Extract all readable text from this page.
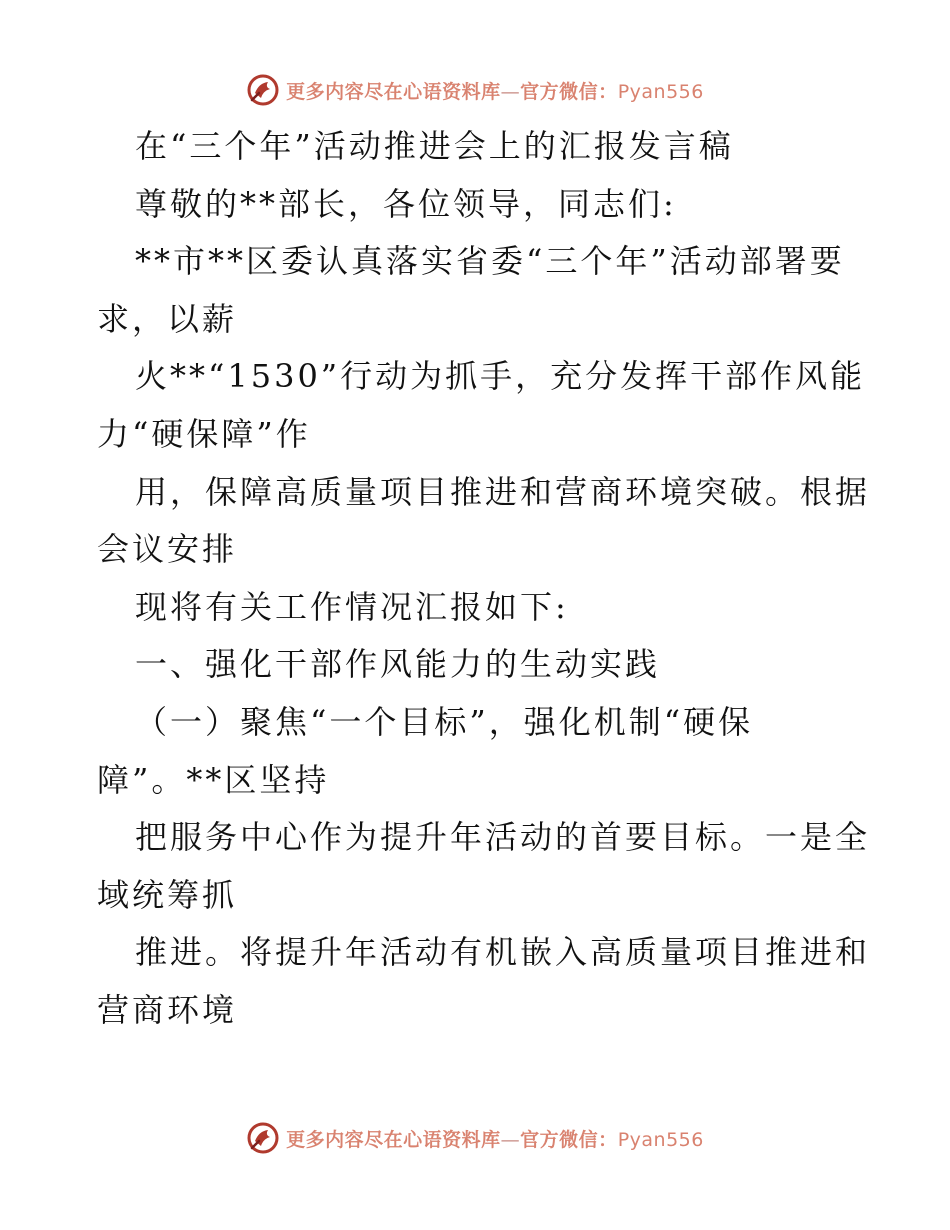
更多内容尽在心语资料库—官方微信：Pyan556

在“三个年”活动推进会上的汇报发言稿

尊敬的**部长，各位领导，同志们:

**市**区委认真落实省委“三个年”活动部署要

求，以薪

火**“1530”行动为抓手，充分发挥干部作风能

力“硬保障”作

用，保障高质量项目推进和营商环境突破。根据

会议安排

现将有关工作情况汇报如下:

一、强化干部作风能力的生动实践

（一）聚焦“一个目标”，强化机制“硬保

障”。**区坚持

把服务中心作为提升年活动的首要目标。一是全

域统筹抓

推进。将提升年活动有机嵌入高质量项目推进和

营商环境

更多内容尽在心语资料库—官方微信：Pyan556
